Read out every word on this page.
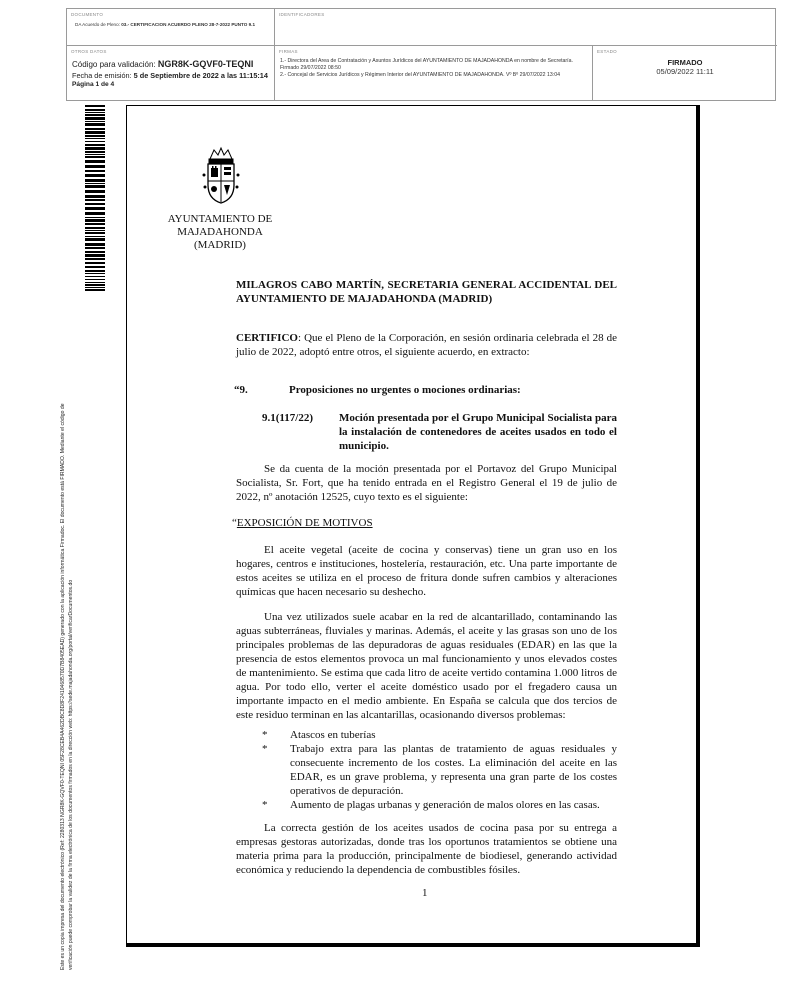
DOCUMENTO
DA Acuerdo de Pleno: 03.- CERTIFICACION ACUERDO PLENO 28-7-2022 PUNTO 9.1
IDENTIFICADORES
OTROS DATOS
Código para validación: NGR8K-GQVF0-TEQNI
Fecha de emisión: 5 de Septiembre de 2022 a las 11:15:14
Página 1 de 4
FIRMAS
1.- Directora del Area de Contratación y Asuntos Jurídicos del AYUNTAMIENTO DE MAJADAHONDA en nombre de Secretaría. Firmado 29/07/2022 08:50
2.- Concejal de Servicios Jurídicos y Régimen Interior del AYUNTAMIENTO DE MAJADAHONDA. Vº Bº 29/07/2022 13:04
ESTADO
FIRMADO
05/09/2022 11:11
Este es un copia impresa del documento electrónico (Ref: 2280313 NGR8K-GQVF0-TEQNI 05F28CEB4A462DBC8D8F2410468570D7B8405EAD) generado con la aplicación informática Firmadoc. El documento está FIRMADO. Mediante el código de verificación puede comprobar la validez de la firma electrónica de los documentos firmados en la dirección web: https://sede.majadahonda.org/portal/verificarDocumentos.do
AYUNTAMIENTO DE
MAJADAHONDA
(MADRID)
MILAGROS CABO MARTÍN, SECRETARIA GENERAL ACCIDENTAL DEL AYUNTAMIENTO DE MAJADAHONDA (MADRID)
CERTIFICO: Que el Pleno de la Corporación, en sesión ordinaria celebrada el 28 de julio de 2022, adoptó entre otros, el siguiente acuerdo, en extracto:
“9.	Proposiciones no urgentes o mociones ordinarias:
9.1(117/22) Moción presentada por el Grupo Municipal Socialista para la instalación de contenedores de aceites usados en todo el municipio.
Se da cuenta de la moción presentada por el Portavoz del Grupo Municipal Socialista, Sr. Fort, que ha tenido entrada en el Registro General el 19 de julio de 2022, nº anotación 12525, cuyo texto es el siguiente:
“EXPOSICIÓN DE MOTIVOS
El aceite vegetal (aceite de cocina y conservas) tiene un gran uso en los hogares, centros e instituciones, hostelería, restauración, etc. Una parte importante de estos aceites se utiliza en el proceso de fritura donde sufren cambios y alteraciones químicas que hacen necesario su deshecho.
Una vez utilizados suele acabar en la red de alcantarillado, contaminando las aguas subterráneas, fluviales y marinas. Además, el aceite y las grasas son uno de los principales problemas de las depuradoras de aguas residuales (EDAR) en las que la presencia de estos elementos provoca un mal funcionamiento y unos elevados costes de mantenimiento. Se estima que cada litro de aceite vertido contamina 1.000 litros de agua. Por todo ello, verter el aceite doméstico usado por el fregadero causa un importante impacto en el medio ambiente. En España se calcula que dos tercios de este residuo terminan en las alcantarillas, ocasionando diversos problemas:
* Atascos en tuberías
* Trabajo extra para las plantas de tratamiento de aguas residuales y consecuente incremento de los costes. La eliminación del aceite en las EDAR, es un grave problema, y representa una gran parte de los costes operativos de depuración.
* Aumento de plagas urbanas y generación de malos olores en las casas.
La correcta gestión de los aceites usados de cocina pasa por su entrega a empresas gestoras autorizadas, donde tras los oportunos tratamientos se obtiene una materia prima para la producción, principalmente de biodiesel, generando actividad económica y reduciendo la dependencia de combustibles fósiles.
1
